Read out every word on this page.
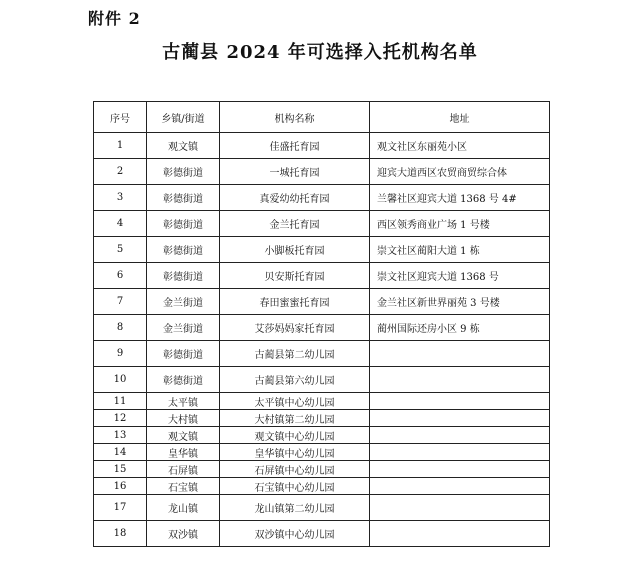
附件 2
古蔺县 2024 年可选择入托机构名单
序号	乡镇/街道	机构名称	地址
1	观文镇	佳盛托育园	观文社区东丽苑小区
2	彰德街道	一城托育园	迎宾大道西区农贸商贸综合体
3	彰德街道	真爱幼幼托育园	兰馨社区迎宾大道 1368 号 4#
4	彰德街道	金兰托育园	西区领秀商业广场 1 号楼
5	彰德街道	小脚板托育园	崇文社区蔺阳大道 1 栋
6	彰德街道	贝安斯托育园	崇文社区迎宾大道 1368 号
7	金兰街道	春田蜜蜜托育园	金兰社区新世界丽苑 3 号楼
8	金兰街道	艾莎妈妈家托育园	蔺州国际还房小区 9 栋
9	彰德街道	古蔺县第二幼儿园	
10	彰德街道	古蔺县第六幼儿园	
11	太平镇	太平镇中心幼儿园	
12	大村镇	大村镇第二幼儿园	
13	观文镇	观文镇中心幼儿园	
14	皇华镇	皇华镇中心幼儿园	
15	石屏镇	石屏镇中心幼儿园	
16	石宝镇	石宝镇中心幼儿园	
17	龙山镇	龙山镇第二幼儿园	
18	双沙镇	双沙镇中心幼儿园	
